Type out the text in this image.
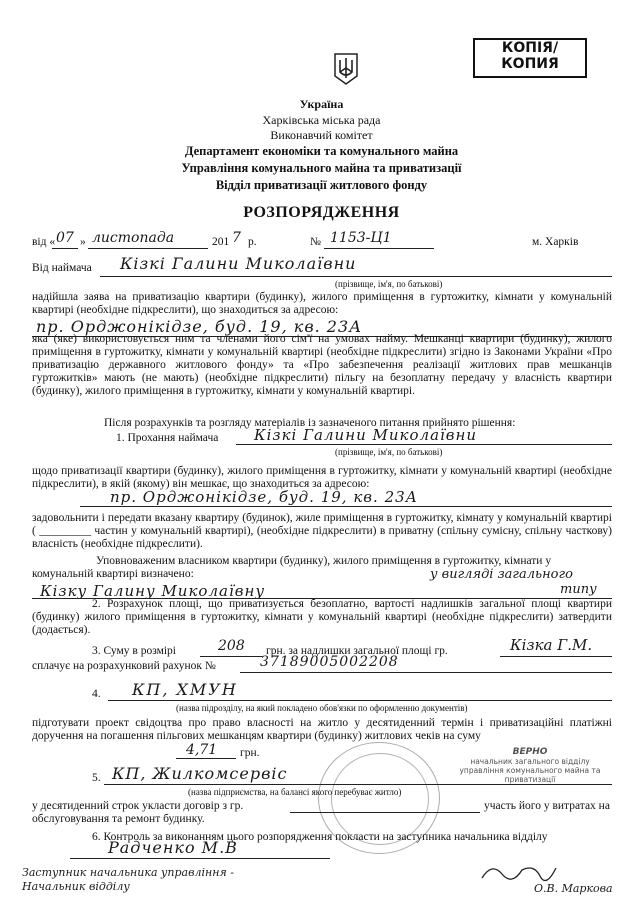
КОПІЯ/
КОПИЯ
Україна
Харківська міська рада
Виконавчий комітет
Департамент економіки та комунального майна
Управління комунального майна та приватизації
Відділ приватизації житлового фонду
РОЗПОРЯДЖЕННЯ
від « 07 » листопада	201 7 р.	№ 1153-Ц1	м. Харків
Від наймача Кізкі Галини Миколаївни
(прізвище, ім'я, по батькові)
надійшла заява на приватизацію квартири (будинку), жилого приміщення в гуртожитку, кімнати у комунальній квартирі (необхідне підкреслити), що знаходиться за адресою:
пр. Орджонікідзе, буд. 19, кв. 23А
яка (яке) використовується ним та членами його сім'ї на умовах найму. Мешканці квартири (будинку), жилого приміщення в гуртожитку, кімнати у комунальній квартирі (необхідне підкреслити) згідно із Законами України «Про приватизацію державного житлового фонду» та «Про забезпечення реалізації житлових прав мешканців гуртожитків» мають (не мають) (необхідне підкреслити) пільгу на безоплатну передачу у власність квартири (будинку), жилого приміщення в гуртожитку, кімнати у комунальній квартирі.
Після розрахунків та розгляду матеріалів із зазначеного питання прийнято рішення:
1. Прохання наймача Кізкі Галини Миколаївни
(прізвище, ім'я, по батькові)
щодо приватизації квартири (будинку), жилого приміщення в гуртожитку, кімнати у комунальній квартирі (необхідне підкреслити), в якій (якому) він мешкає, що знаходиться за адресою:
пр. Орджонікідзе, буд. 19, кв. 23А
задовольнити і передати вказану квартиру (будинок), жиле приміщення в гуртожитку, кімнату у комунальній квартирі ( _________ частин у комунальній квартирі), (необхідне підкреслити) в приватну (спільну сумісну, спільну часткову) власність (необхідне підкреслити).
Уповноваженим власником квартири (будинку), жилого приміщення в гуртожитку, кімнати у комунальній квартирі визначено:	у вигляді загального
Кізку Галину Миколаївну	типу
2. Розрахунок площі, що приватизується безоплатно, вартості надлишків загальної площі квартири (будинку) жилого приміщення в гуртожитку, кімнати у комунальній квартирі (необхідне підкреслити) затвердити (додається).
3. Суму в розмірі	208 грн. за надлишки загальної площі гр.	Кізка Г.М.
сплачує на розрахунковий рахунок №	37189005002208
4. КП, ХМУН
(назва підрозділу, на який покладено обов'язки по оформленню документів)
підготувати проект свідоцтва про право власності на житло у десятиденний термін і приватизаційні платіжні доручення на погашення пільгових мешканцям квартири (будинку) житлових чеків на суму
4,71 грн.
5. КП, Жилкомсервіс
(назва підприємства, на балансі якого перебуває житло)
у десятиденний строк укласти договір з гр.	участь його у витратах на обслуговування та ремонт будинку.
6. Контроль за виконанням цього розпорядження покласти на заступника начальника відділу
Радченко М.В
Заступник начальника управління -
Начальник відділу	О.В. Маркова
ВЕРНО
начальник загального відділу
управління комунального майна та приватизації
